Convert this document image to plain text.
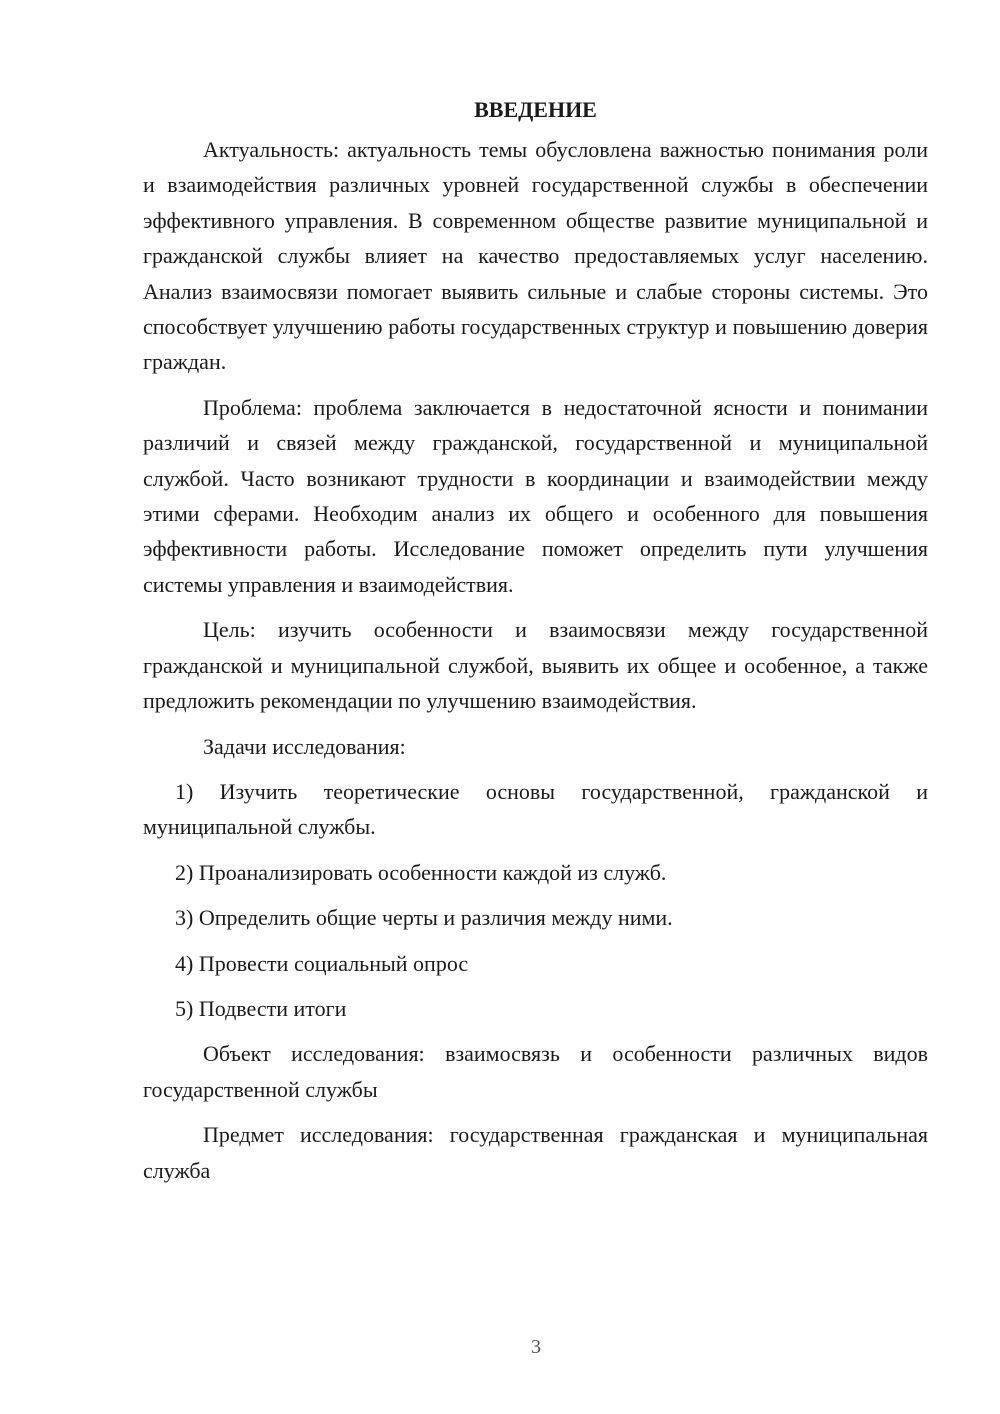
ВВЕДЕНИЕ

Актуальность: актуальность темы обусловлена важностью понимания роли и взаимодействия различных уровней государственной службы в обеспечении эффективного управления. В современном обществе развитие муниципальной и гражданской службы влияет на качество предоставляемых услуг населению. Анализ взаимосвязи помогает выявить сильные и слабые стороны системы. Это способствует улучшению работы государственных структур и повышению доверия граждан.

Проблема: проблема заключается в недостаточной ясности и понимании различий и связей между гражданской, государственной и муниципальной службой. Часто возникают трудности в координации и взаимодействии между этими сферами. Необходим анализ их общего и особенного для повышения эффективности работы. Исследование поможет определить пути улучшения системы управления и взаимодействия.

Цель: изучить особенности и взаимосвязи между государственной гражданской и муниципальной службой, выявить их общее и особенное, а также предложить рекомендации по улучшению взаимодействия.

Задачи исследования:

1) Изучить теоретические основы государственной, гражданской и муниципальной службы.

2) Проанализировать особенности каждой из служб.

3) Определить общие черты и различия между ними.

4) Провести социальный опрос

5) Подвести итоги

Объект исследования: взаимосвязь и особенности различных видов государственной службы

Предмет исследования: государственная гражданская и муниципальная служба

3
